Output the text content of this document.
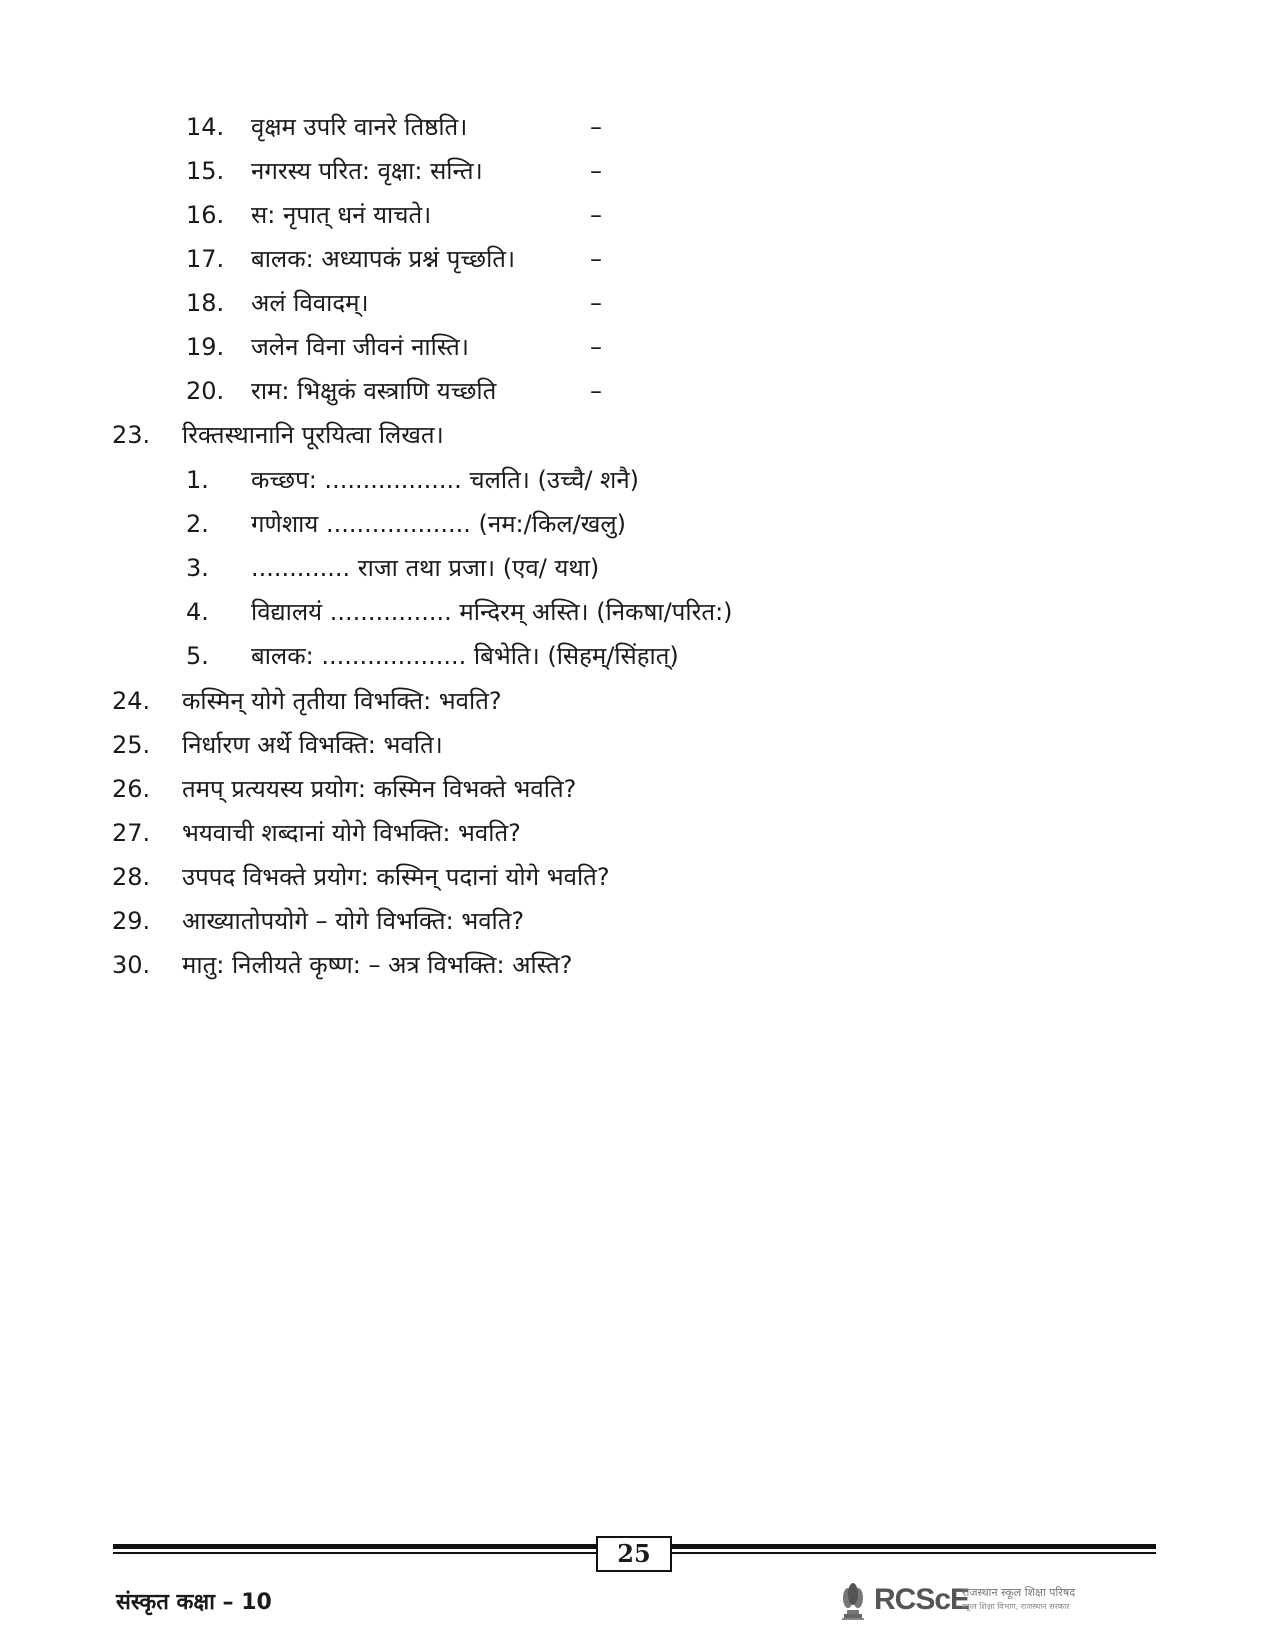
14. वृक्षम उपरि वानरे तिष्ठति।	–
15. नगरस्य परित: वृक्षा: सन्ति।	–
16. स: नृपात् धनं याचते।	–
17. बालक: अध्यापकं प्रश्नं पृच्छति।	–
18. अलं विवादम्।	–
19. जलेन विना जीवनं नास्ति।	–
20. राम: भिक्षुकं वस्त्राणि यच्छति	–
23. रिक्तस्थानानि पूरयित्वा लिखत।
1. कच्छप: .................. चलति। (उच्चै/ शनै)
2. गणेशाय ................... (नम:/किल/खलु)
3. ............. राजा तथा प्रजा। (एव/ यथा)
4. विद्यालयं ................ मन्दिरम् अस्ति। (निकषा/परित:)
5. बालक: ................... बिभेति। (सिहम्/सिंहात्)
24. कस्मिन् योगे तृतीया विभक्ति: भवति?
25. निर्धारण अर्थे विभक्ति: भवति।
26. तमप् प्रत्ययस्य प्रयोग: कस्मिन विभक्ते भवति?
27. भयवाची शब्दानां योगे विभक्ति: भवति?
28. उपपद विभक्ते प्रयोग: कस्मिन् पदानां योगे भवति?
29. आख्यातोपयोगे – योगे विभक्ति: भवति?
30. मातु: निलीयते कृष्ण: – अत्र विभक्ति: अस्ति?
25
संस्कृत कक्षा – 10	RCScE
राजस्थान स्कूल शिक्षा परिषद
स्कूल शिक्षा विभाग, राजस्थान सरकार
